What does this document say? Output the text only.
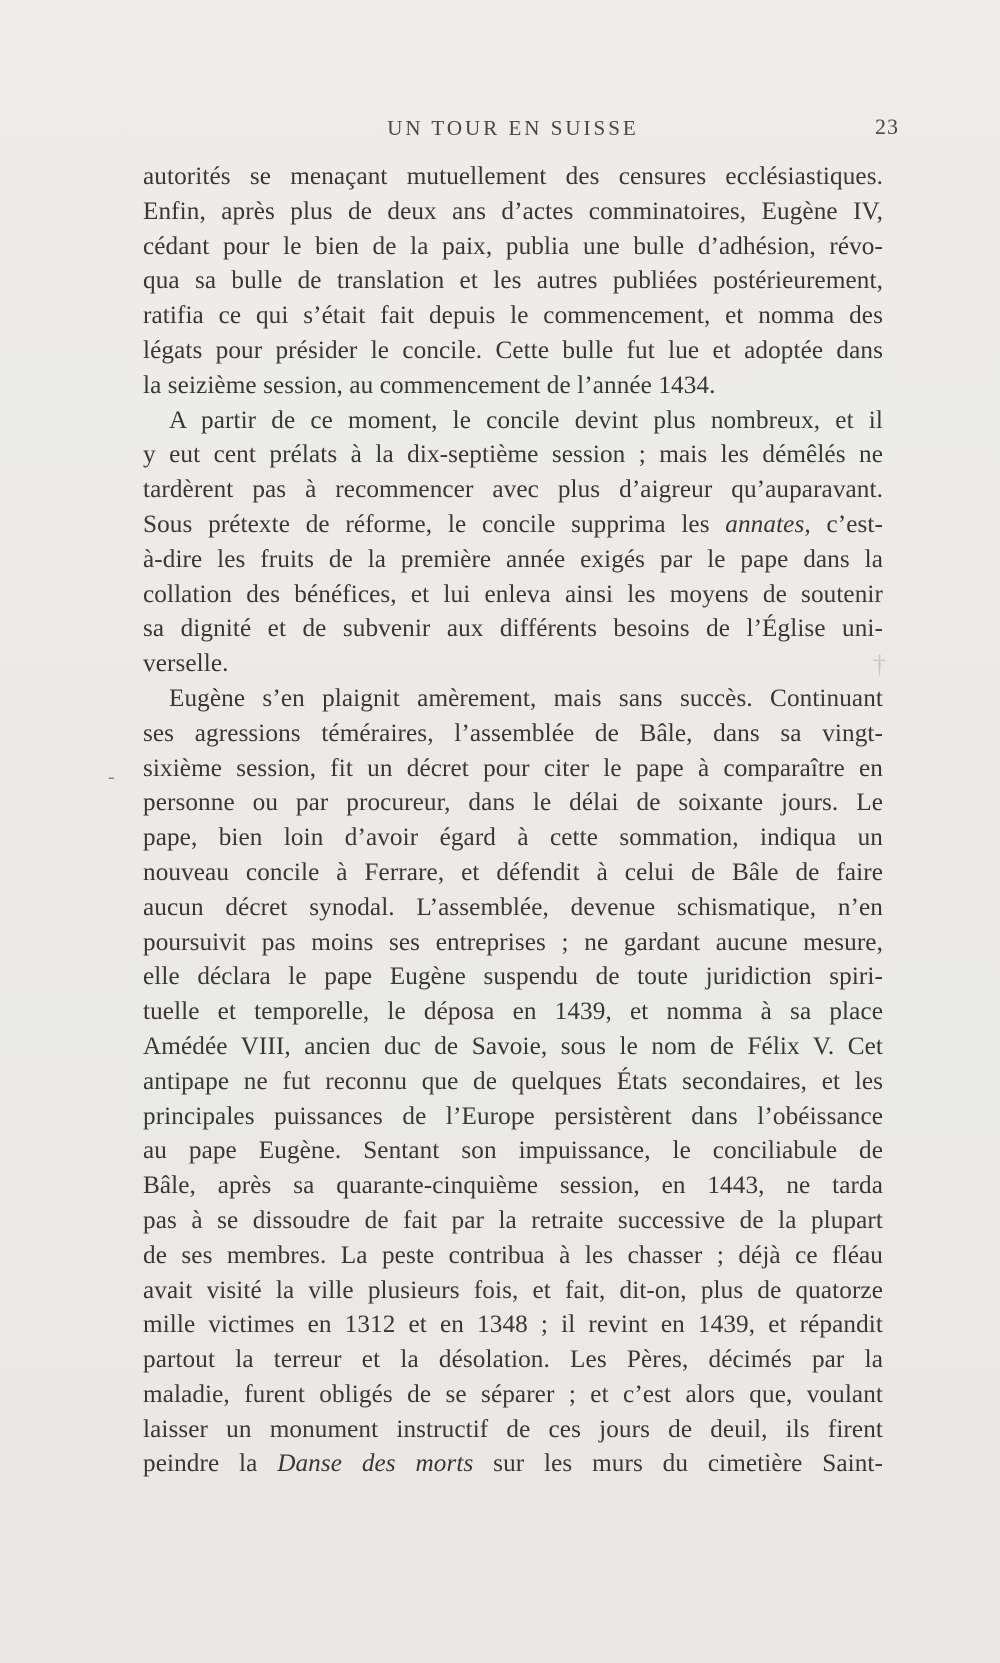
UN TOUR EN SUISSE	23
autorités se menaçant mutuellement des censures ecclésiastiques.
Enfin, après plus de deux ans d’actes comminatoires, Eugène IV,
cédant pour le bien de la paix, publia une bulle d’adhésion, révo-
qua sa bulle de translation et les autres publiées postérieurement,
ratifia ce qui s’était fait depuis le commencement, et nomma des
légats pour présider le concile. Cette bulle fut lue et adoptée dans
la seizième session, au commencement de l’année 1434.
A partir de ce moment, le concile devint plus nombreux, et il
y eut cent prélats à la dix-septième session ; mais les démêlés ne
tardèrent pas à recommencer avec plus d’aigreur qu’auparavant.
Sous prétexte de réforme, le concile supprima les annates, c’est-
à-dire les fruits de la première année exigés par le pape dans la
collation des bénéfices, et lui enleva ainsi les moyens de soutenir
sa dignité et de subvenir aux différents besoins de l’Église uni-
verselle.
Eugène s’en plaignit amèrement, mais sans succès. Continuant
ses agressions téméraires, l’assemblée de Bâle, dans sa vingt-
sixième session, fit un décret pour citer le pape à comparaître en
personne ou par procureur, dans le délai de soixante jours. Le
pape, bien loin d’avoir égard à cette sommation, indiqua un
nouveau concile à Ferrare, et défendit à celui de Bâle de faire
aucun décret synodal. L’assemblée, devenue schismatique, n’en
poursuivit pas moins ses entreprises ; ne gardant aucune mesure,
elle déclara le pape Eugène suspendu de toute juridiction spiri-
tuelle et temporelle, le déposa en 1439, et nomma à sa place
Amédée VIII, ancien duc de Savoie, sous le nom de Félix V. Cet
antipape ne fut reconnu que de quelques États secondaires, et les
principales puissances de l’Europe persistèrent dans l’obéissance
au pape Eugène. Sentant son impuissance, le conciliabule de
Bâle, après sa quarante-cinquième session, en 1443, ne tarda
pas à se dissoudre de fait par la retraite successive de la plupart
de ses membres. La peste contribua à les chasser ; déjà ce fléau
avait visité la ville plusieurs fois, et fait, dit-on, plus de quatorze
mille victimes en 1312 et en 1348 ; il revint en 1439, et répandit
partout la terreur et la désolation. Les Pères, décimés par la
maladie, furent obligés de se séparer ; et c’est alors que, voulant
laisser un monument instructif de ces jours de deuil, ils firent
peindre la Danse des morts sur les murs du cimetière Saint-
-
†
